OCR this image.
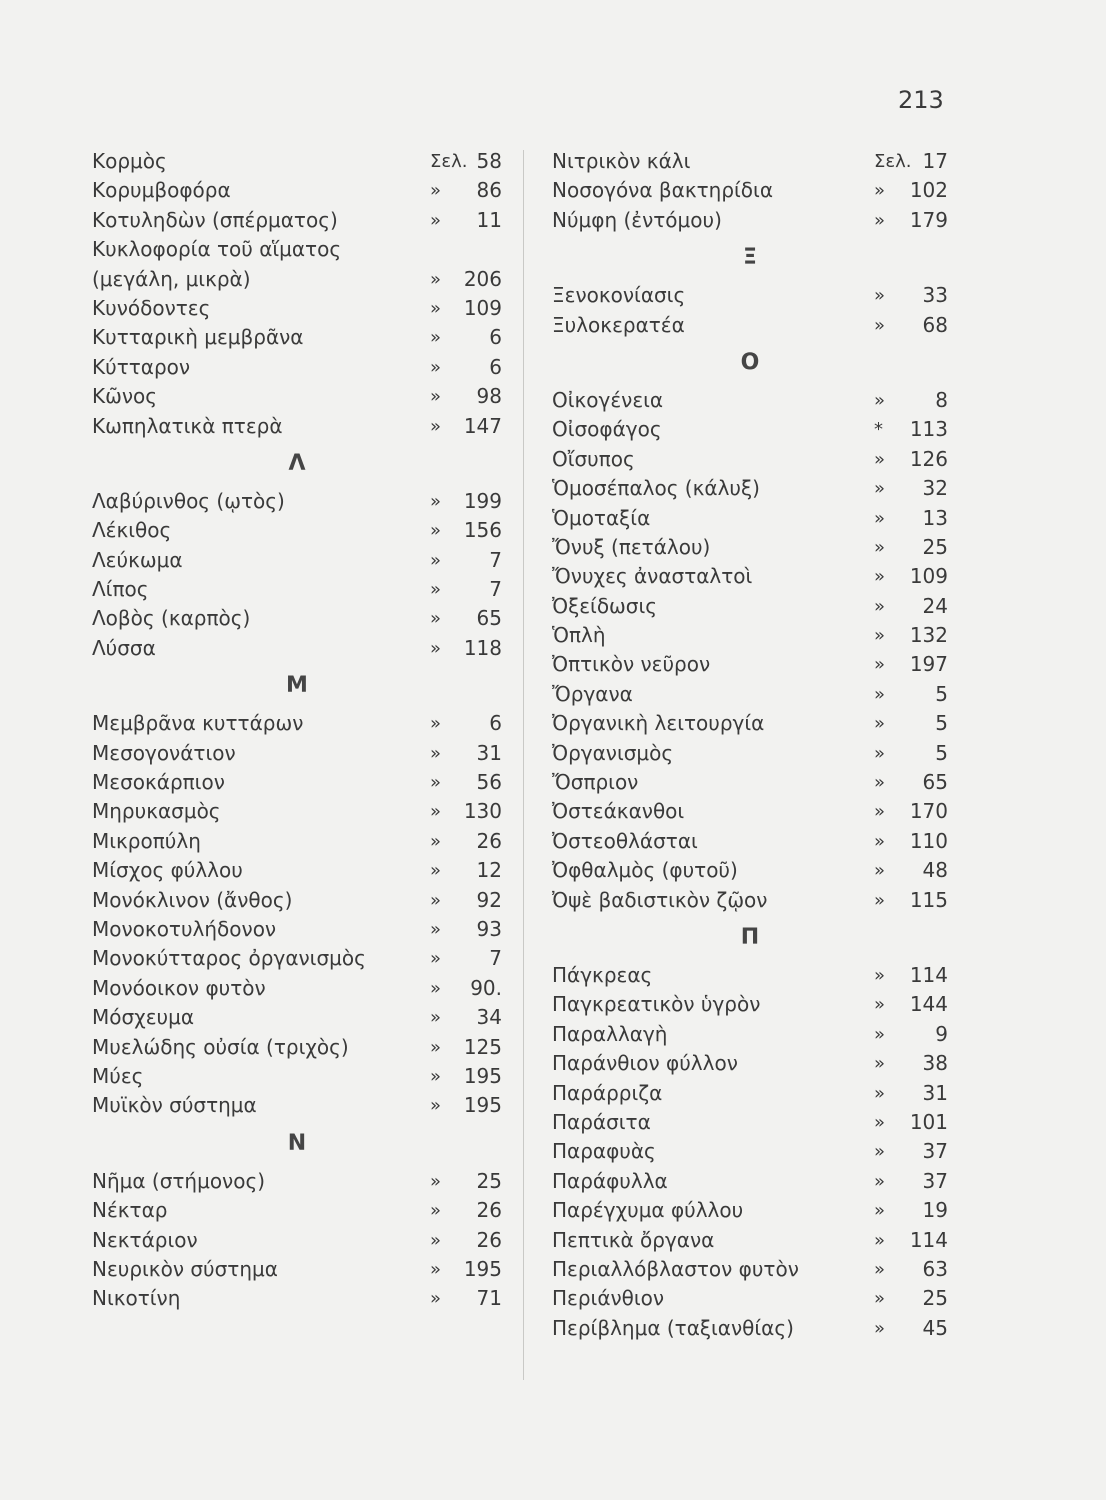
213
Κορμὸς	Σελ. 58
Κορυμβοφόρα	» 86
Κοτυληδὼν (σπέρματος)	» 11
Κυκλοφορία τοῦ αἵματος
(μεγάλη, μικρὰ)	» 206
Κυνόδοντες	» 109
Κυτταρικὴ μεμβρᾶνα	» 6
Κύτταρον	» 6
Κῶνος	» 98
Κωπηλατικὰ πτερὰ	» 147
Λ
Λαβύρινθος (ῳτὸς)	» 199
Λέκιθος	» 156
Λεύκωμα	» 7
Λίπος	» 7
Λοβὸς (καρπὸς)	» 65
Λύσσα	» 118
Μ
Μεμβρᾶνα κυττάρων	» 6
Μεσογονάτιον	» 31
Μεσοκάρπιον	» 56
Μηρυκασμὸς	» 130
Μικροπύλη	» 26
Μίσχος φύλλου	» 12
Μονόκλινον (ἄνθος)	» 92
Μονοκοτυλήδονον	» 93
Μονοκύτταρος ὀργανισμὸς	» 7
Μονόοικον φυτὸν	» 90.
Μόσχευμα	» 34
Μυελώδης οὐσία (τριχὸς)	» 125
Μύες	» 195
Μυϊκὸν σύστημα	» 195
Ν
Νῆμα (στήμονος)	» 25
Νέκταρ	» 26
Νεκτάριον	» 26
Νευρικὸν σύστημα	» 195
Νικοτίνη	» 71
Νιτρικὸν κάλι	Σελ. 17
Νοσογόνα βακτηρίδια	» 102
Νύμφη (ἐντόμου)	» 179
Ξ
Ξενοκονίασις	» 33
Ξυλοκερατέα	» 68
Ο
Οἰκογένεια	»	8
Οἰσοφάγος	* 113
Οἴσυπος	» 126
Ὁμοσέπαλος (κάλυξ)	» 32
Ὁμοταξία	» 13
Ὄνυξ (πετάλου)	» 25
Ὄνυχες ἀνασταλτοὶ	» 109
Ὀξείδωσις	» 24
Ὁπλὴ	» 132
Ὀπτικὸν νεῦρον	» 197
Ὄργανα	»	5
Ὀργανικὴ λειτουργία	»	5
Ὀργανισμὸς	»	5
Ὄσπριον	» 65
Ὀστεάκανθοι	» 170
Ὀστεοθλάσται	» 110
Ὀφθαλμὸς (φυτοῦ)	» 48
Ὀψὲ βαδιστικὸν ζῷον	» 115
Π
Πάγκρεας	» 114
Παγκρεατικὸν ὑγρὸν	» 144
Παραλλαγὴ	»	9
Παράνθιον φύλλον	» 38
Παράρριζα	» 31
Παράσιτα	» 101
Παραφυὰς	» 37
Παράφυλλα	» 37
Παρέγχυμα φύλλου	» 19
Πεπτικὰ ὄργανα	» 114
Περιαλλόβλαστον φυτὸν	» 63
Περιάνθιον	» 25
Περίβλημα (ταξιανθίας)	» 45
